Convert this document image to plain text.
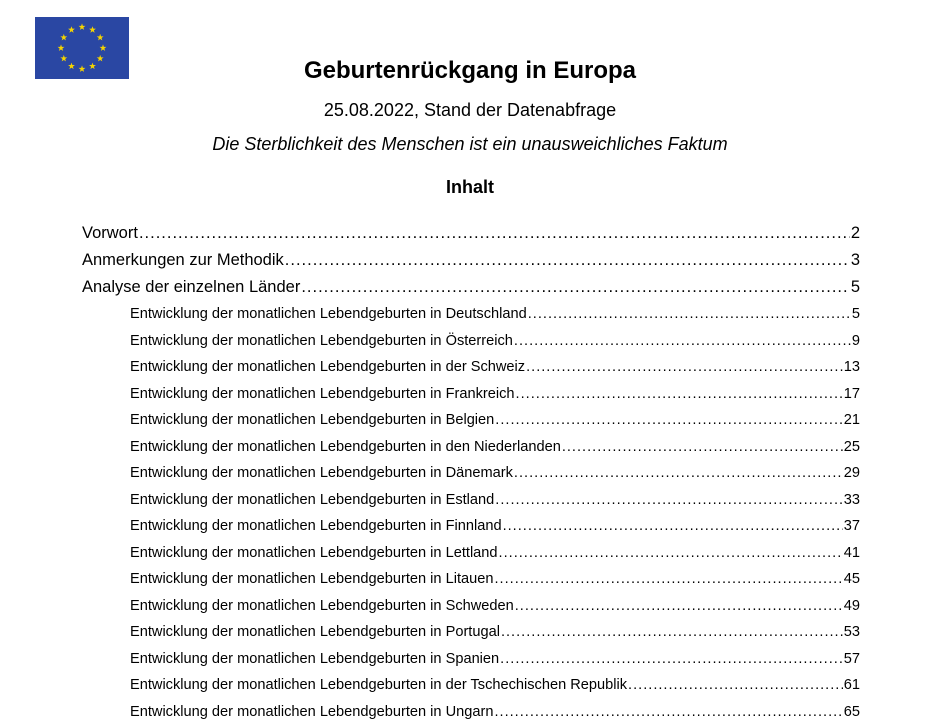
Geburtenrückgang in Europa

25.08.2022, Stand der Datenabfrage

Die Sterblichkeit des Menschen ist ein unausweichliches Faktum

Inhalt
Vorwort .....	2
Anmerkungen zur Methodik .....	3
Analyse der einzelnen Länder .....	5
Entwicklung der monatlichen Lebendgeburten in Deutschland .....	5
Entwicklung der monatlichen Lebendgeburten in Österreich .....	9
Entwicklung der monatlichen Lebendgeburten in der Schweiz .....	13
Entwicklung der monatlichen Lebendgeburten in Frankreich .....	17
Entwicklung der monatlichen Lebendgeburten in Belgien .....	21
Entwicklung der monatlichen Lebendgeburten in den Niederlanden .....	25
Entwicklung der monatlichen Lebendgeburten in Dänemark .....	29
Entwicklung der monatlichen Lebendgeburten in Estland .....	33
Entwicklung der monatlichen Lebendgeburten in Finnland .....	37
Entwicklung der monatlichen Lebendgeburten in Lettland .....	41
Entwicklung der monatlichen Lebendgeburten in Litauen .....	45
Entwicklung der monatlichen Lebendgeburten in Schweden .....	49
Entwicklung der monatlichen Lebendgeburten in Portugal .....	53
Entwicklung der monatlichen Lebendgeburten in Spanien .....	57
Entwicklung der monatlichen Lebendgeburten in der Tschechischen Republik .....	61
Entwicklung der monatlichen Lebendgeburten in Ungarn .....	65
